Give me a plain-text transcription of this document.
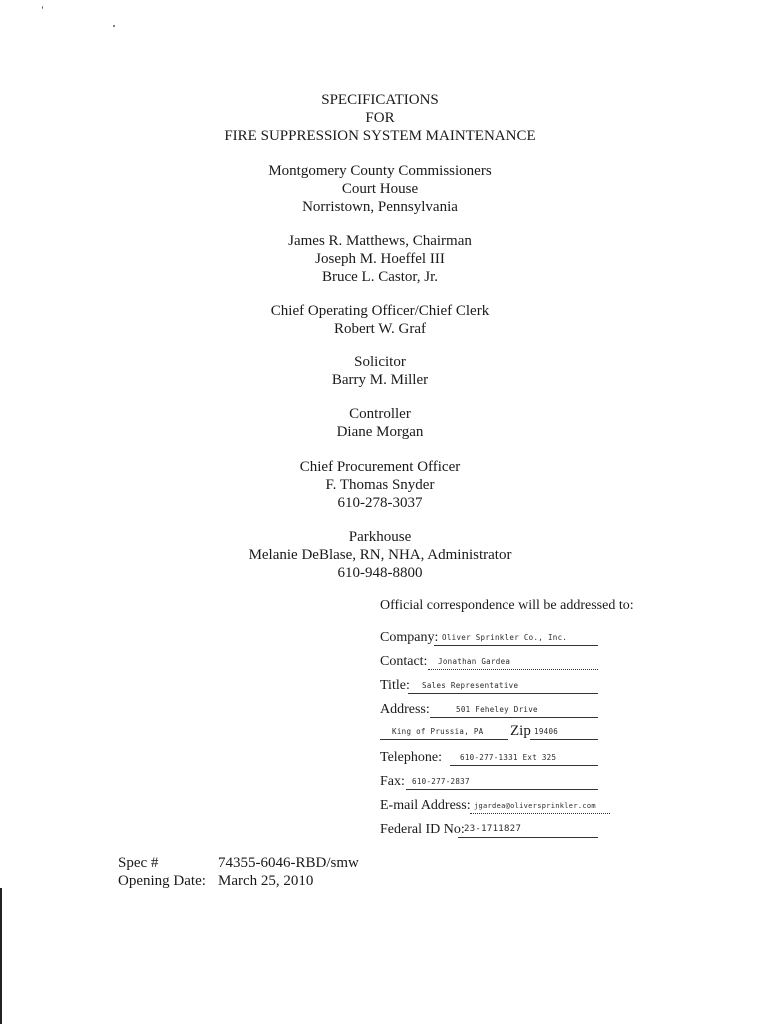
SPECIFICATIONS
FOR
FIRE SUPPRESSION SYSTEM MAINTENANCE
Montgomery County Commissioners
Court House
Norristown, Pennsylvania
James R. Matthews, Chairman
Joseph M. Hoeffel III
Bruce L. Castor, Jr.
Chief Operating Officer/Chief Clerk
Robert W. Graf
Solicitor
Barry M. Miller
Controller
Diane Morgan
Chief Procurement Officer
F. Thomas Snyder
610-278-3037
Parkhouse
Melanie DeBlase, RN, NHA, Administrator
610-948-8800
Official correspondence will be addressed to:
Company: Oliver Sprinkler Co., Inc.
Contact: Jonathan Gardea
Title: Sales Representative
Address:	501 Feheley Drive
King of Prussia, PA Zip 19406
Telephone: 610-277-1331 Ext 325
Fax: 610-277-2837
E-mail Address: jgardea@oliversprinkler.com
Federal ID No: 23-1711827
Spec #	74355-6046-RBD/smw
Opening Date: March 25, 2010
